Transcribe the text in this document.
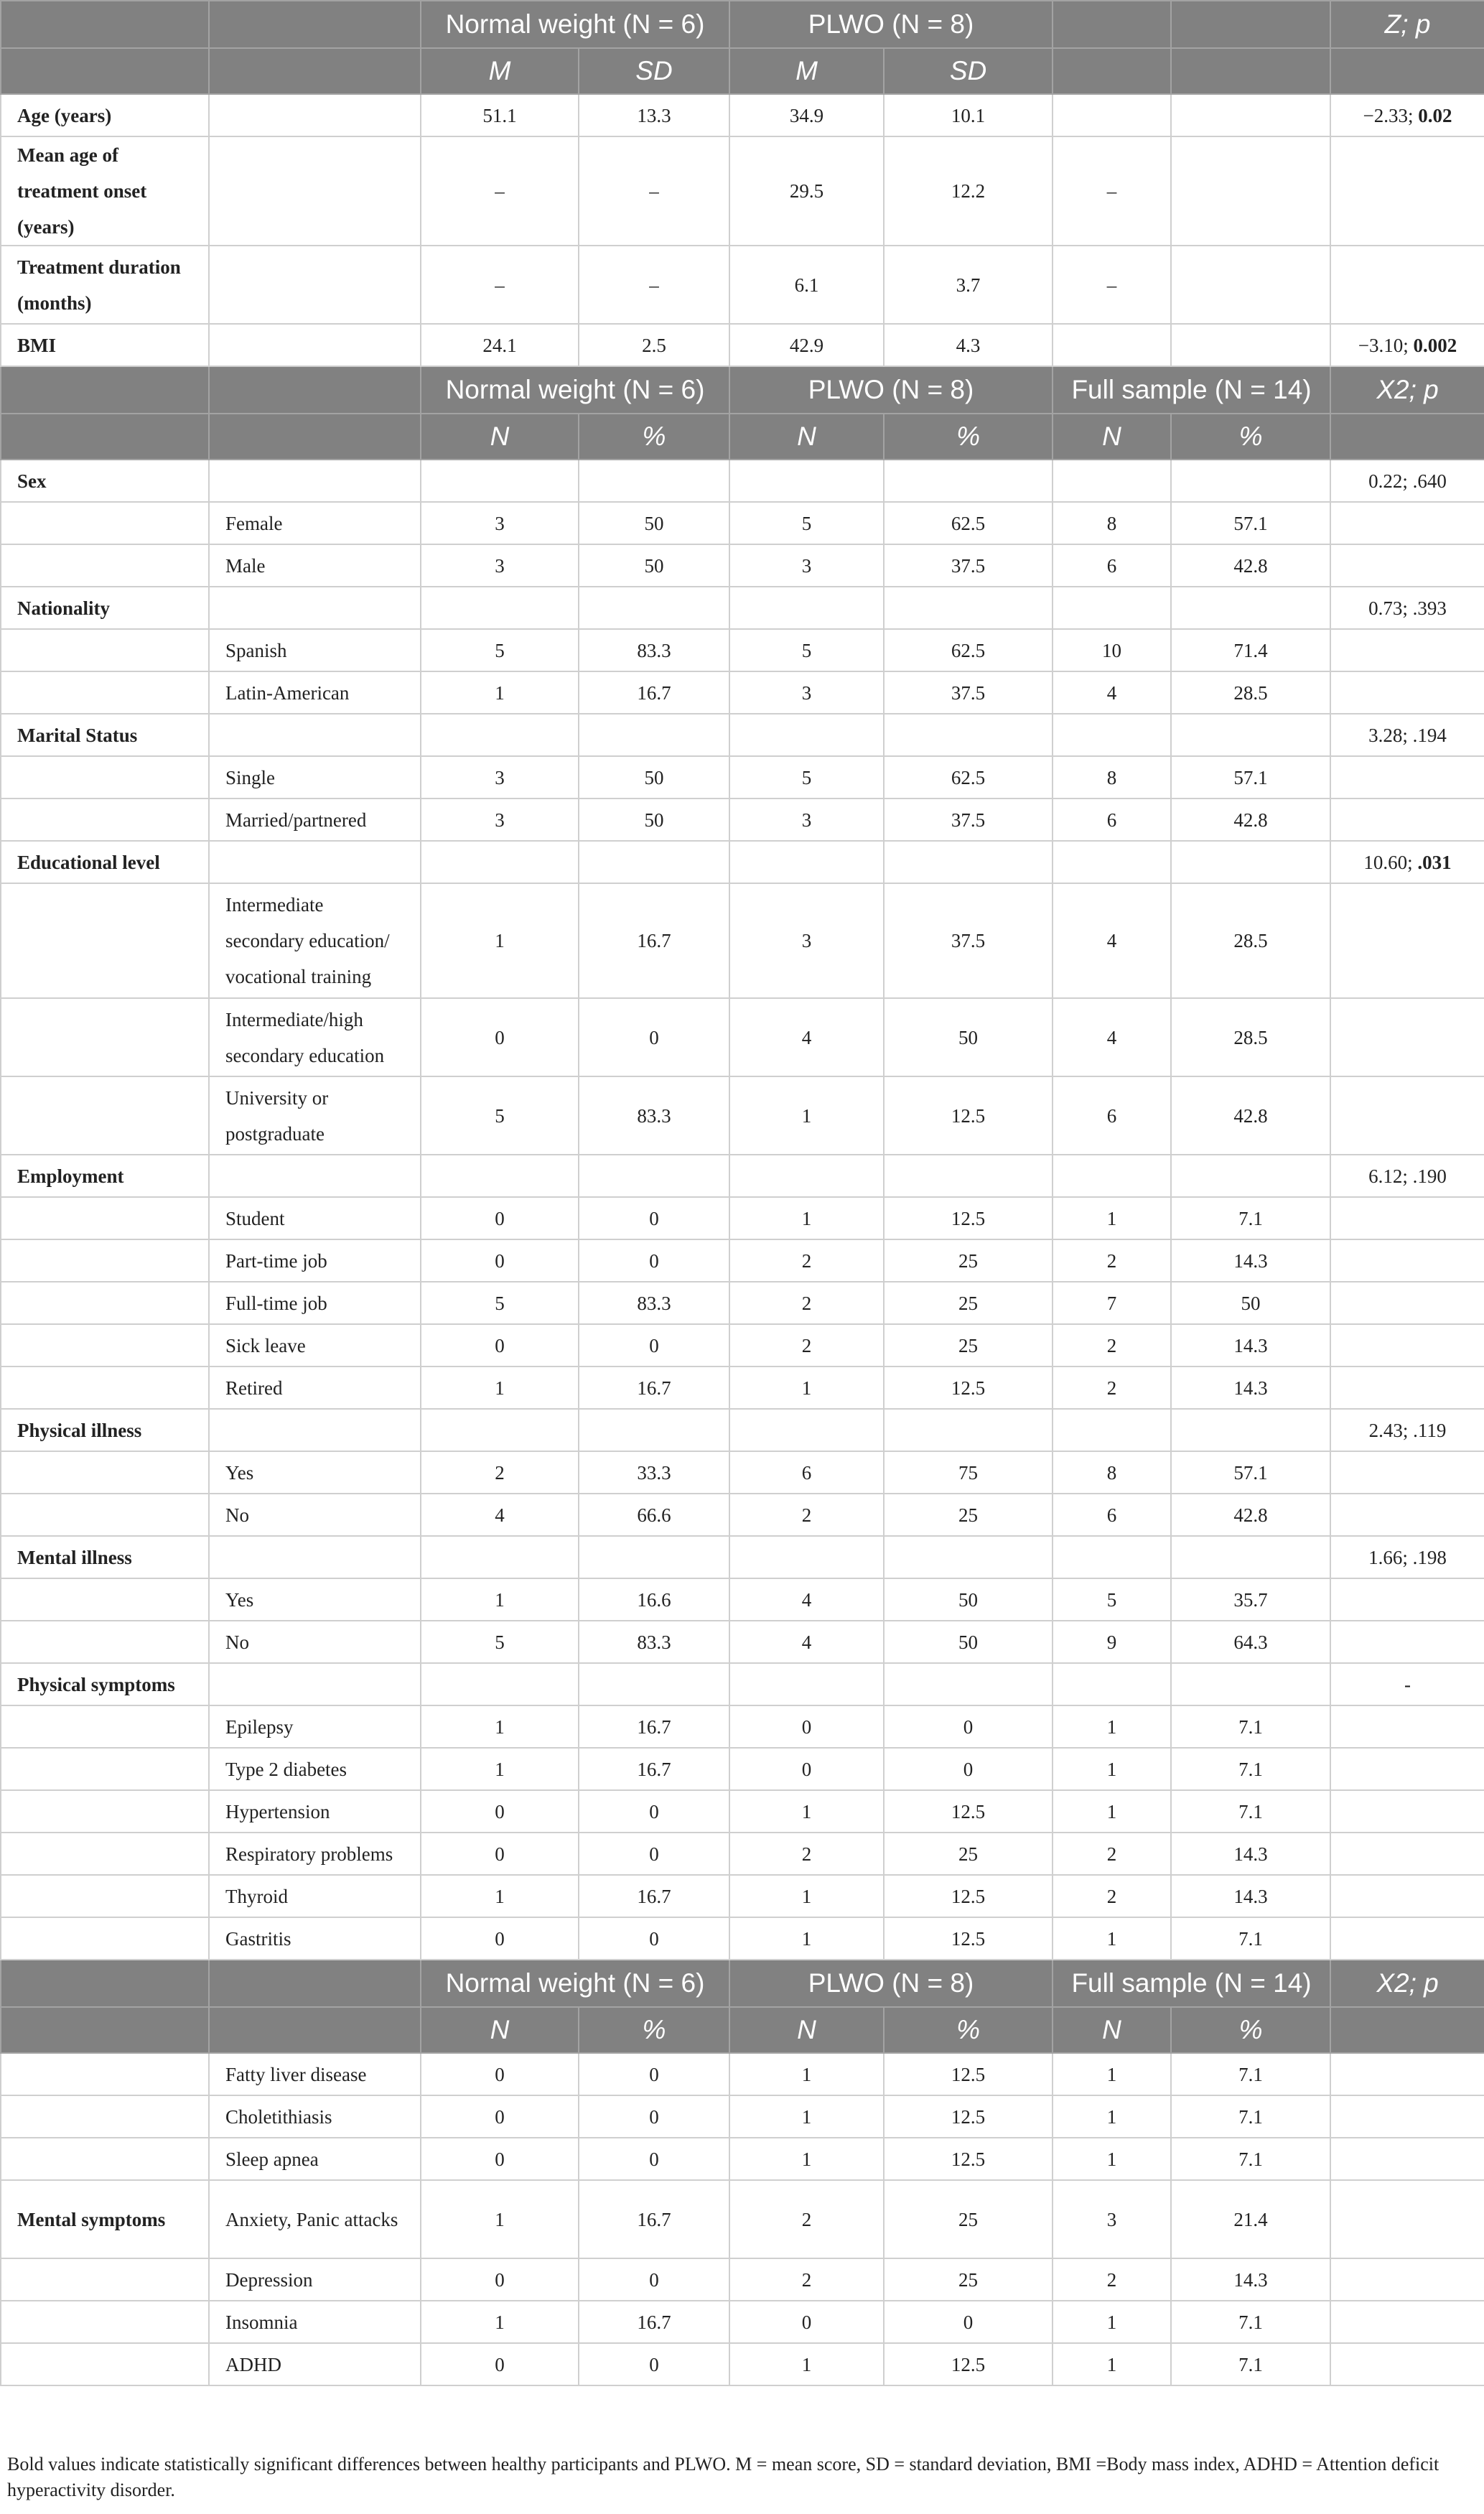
		Normal weight (N = 6)		PLWO (N = 8)				Z; p
		M	SD	M	SD			
Age (years)		51.1	13.3	34.9	10.1			−2.33; 0.02
Mean age of treatment onset (years)		–	–	29.5	12.2	–		
Treatment duration (months)		–	–	6.1	3.7	–		
BMI		24.1	2.5	42.9	4.3			−3.10; 0.002
		Normal weight (N = 6)		PLWO (N = 8)		Full sample (N = 14)		X2; p
		N	%	N	%	N	%	
Sex								0.22; .640
	Female	3	50	5	62.5	8	57.1	
	Male	3	50	3	37.5	6	42.8	
Nationality								0.73; .393
	Spanish	5	83.3	5	62.5	10	71.4	
	Latin-American	1	16.7	3	37.5	4	28.5	
Marital Status								3.28; .194
	Single	3	50	5	62.5	8	57.1	
	Married/partnered	3	50	3	37.5	6	42.8	
Educational level								10.60; .031
	Intermediate secondary education/ vocational training	1	16.7	3	37.5	4	28.5	
	Intermediate/high secondary education	0	0	4	50	4	28.5	
	University or postgraduate	5	83.3	1	12.5	6	42.8	
Employment								6.12; .190
	Student	0	0	1	12.5	1	7.1	
	Part-time job	0	0	2	25	2	14.3	
	Full-time job	5	83.3	2	25	7	50	
	Sick leave	0	0	2	25	2	14.3	
	Retired	1	16.7	1	12.5	2	14.3	
Physical illness								2.43; .119
	Yes	2	33.3	6	75	8	57.1	
	No	4	66.6	2	25	6	42.8	
Mental illness								1.66; .198
	Yes	1	16.6	4	50	5	35.7	
	No	5	83.3	4	50	9	64.3	
Physical symptoms								-
	Epilepsy	1	16.7	0	0	1	7.1	
	Type 2 diabetes	1	16.7	0	0	1	7.1	
	Hypertension	0	0	1	12.5	1	7.1	
	Respiratory problems	0	0	2	25	2	14.3	
	Thyroid	1	16.7	1	12.5	2	14.3	
	Gastritis	0	0	1	12.5	1	7.1	
		Normal weight (N = 6)		PLWO (N = 8)		Full sample (N = 14)		X2; p
		N	%	N	%	N	%	
	Fatty liver disease	0	0	1	12.5	1	7.1	
	Choletithiasis	0	0	1	12.5	1	7.1	
	Sleep apnea	0	0	1	12.5	1	7.1	
Mental symptoms	Anxiety, Panic attacks	1	16.7	2	25	3	21.4	
	Depression	0	0	2	25	2	14.3	
	Insomnia	1	16.7	0	0	1	7.1	
	ADHD	0	0	1	12.5	1	7.1	
Bold values indicate statistically significant differences between healthy participants and PLWO. M = mean score, SD = standard deviation, BMI =Body mass index, ADHD = Attention deficit hyperactivity disorder.
